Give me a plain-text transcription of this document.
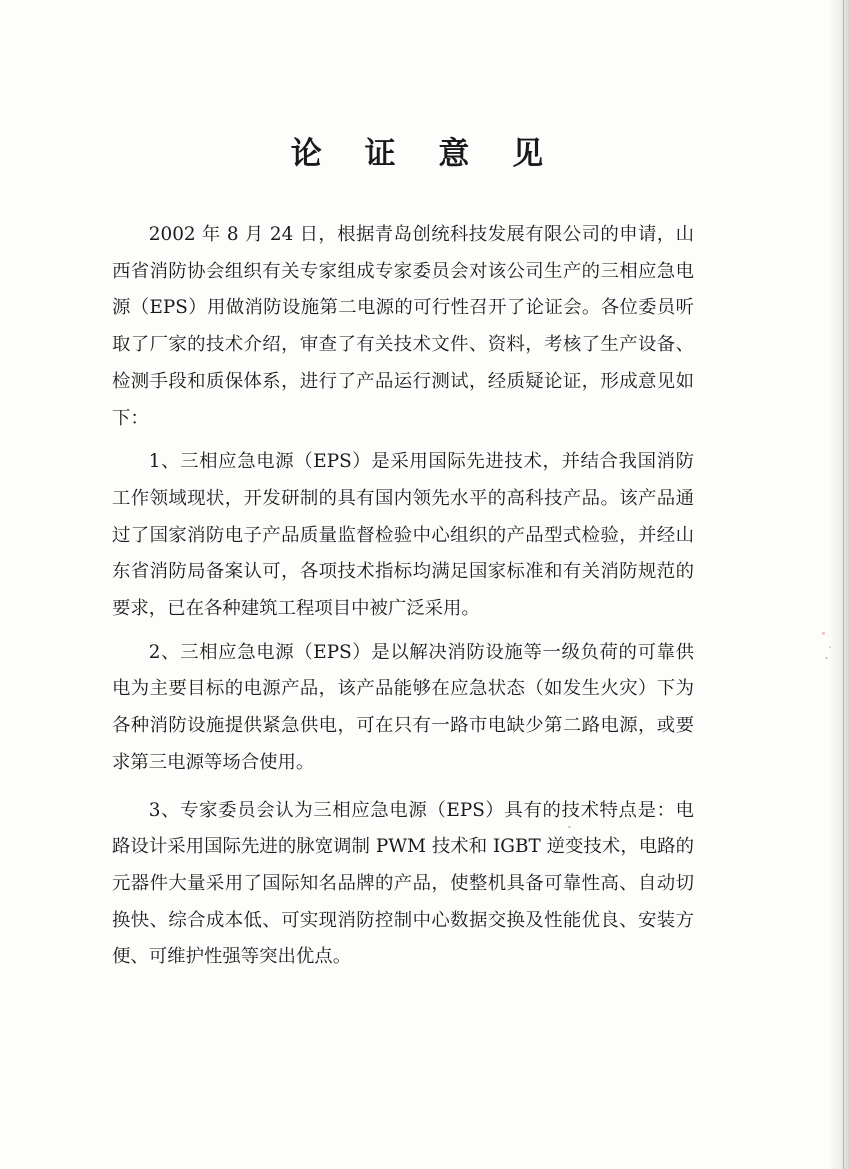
论 证 意 见

2002 年 8 月 24 日，根据青岛创统科技发展有限公司的申请，山西省消防协会组织有关专家组成专家委员会对该公司生产的三相应急电源（EPS）用做消防设施第二电源的可行性召开了论证会。各位委员听取了厂家的技术介绍，审查了有关技术文件、资料，考核了生产设备、检测手段和质保体系，进行了产品运行测试，经质疑论证，形成意见如下：

1、三相应急电源（EPS）是采用国际先进技术，并结合我国消防工作领域现状，开发研制的具有国内领先水平的高科技产品。该产品通过了国家消防电子产品质量监督检验中心组织的产品型式检验，并经山东省消防局备案认可，各项技术指标均满足国家标准和有关消防规范的要求，已在各种建筑工程项目中被广泛采用。

2、三相应急电源（EPS）是以解决消防设施等一级负荷的可靠供电为主要目标的电源产品，该产品能够在应急状态（如发生火灾）下为各种消防设施提供紧急供电，可在只有一路市电缺少第二路电源，或要求第三电源等场合使用。

3、专家委员会认为三相应急电源（EPS）具有的技术特点是：电路设计采用国际先进的脉宽调制 PWM 技术和 IGBT 逆变技术，电路的元器件大量采用了国际知名品牌的产品，使整机具备可靠性高、自动切换快、综合成本低、可实现消防控制中心数据交换及性能优良、安装方便、可维护性强等突出优点。
